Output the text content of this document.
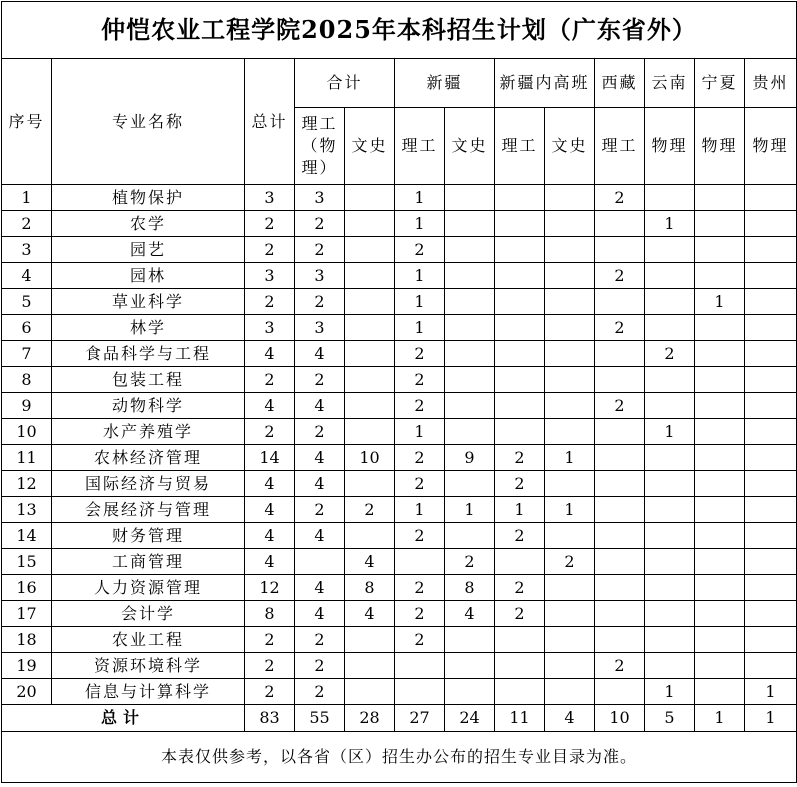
仲恺农业工程学院2025年本科招生计划（广东省外）												
序号	专业名称	总计	合计		新疆		新疆内高班		西藏	云南	宁夏	贵州
			理工（物理）	文史	理工	文史	理工	文史	理工	物理	物理	物理
1	植物保护	3	3		1				2			
2	农学	2	2		1					1		
3	园艺	2	2		2							
4	园林	3	3		1				2			
5	草业科学	2	2		1						1	
6	林学	3	3		1				2			
7	食品科学与工程	4	4		2					2		
8	包装工程	2	2		2							
9	动物科学	4	4		2				2			
10	水产养殖学	2	2		1					1		
11	农林经济管理	14	4	10	2	9	2	1				
12	国际经济与贸易	4	4		2		2					
13	会展经济与管理	4	2	2	1	1	1	1				
14	财务管理	4	4		2		2					
15	工商管理	4		4		2		2				
16	人力资源管理	12	4	8	2	8	2					
17	会计学	8	4	4	2	4	2					
18	农业工程	2	2		2							
19	资源环境科学	2	2						2			
20	信息与计算科学	2	2							1		1
总计		83	55	28	27	24	11	4	10	5	1	1
本表仅供参考，以各省（区）招生办公布的招生专业目录为准。												
